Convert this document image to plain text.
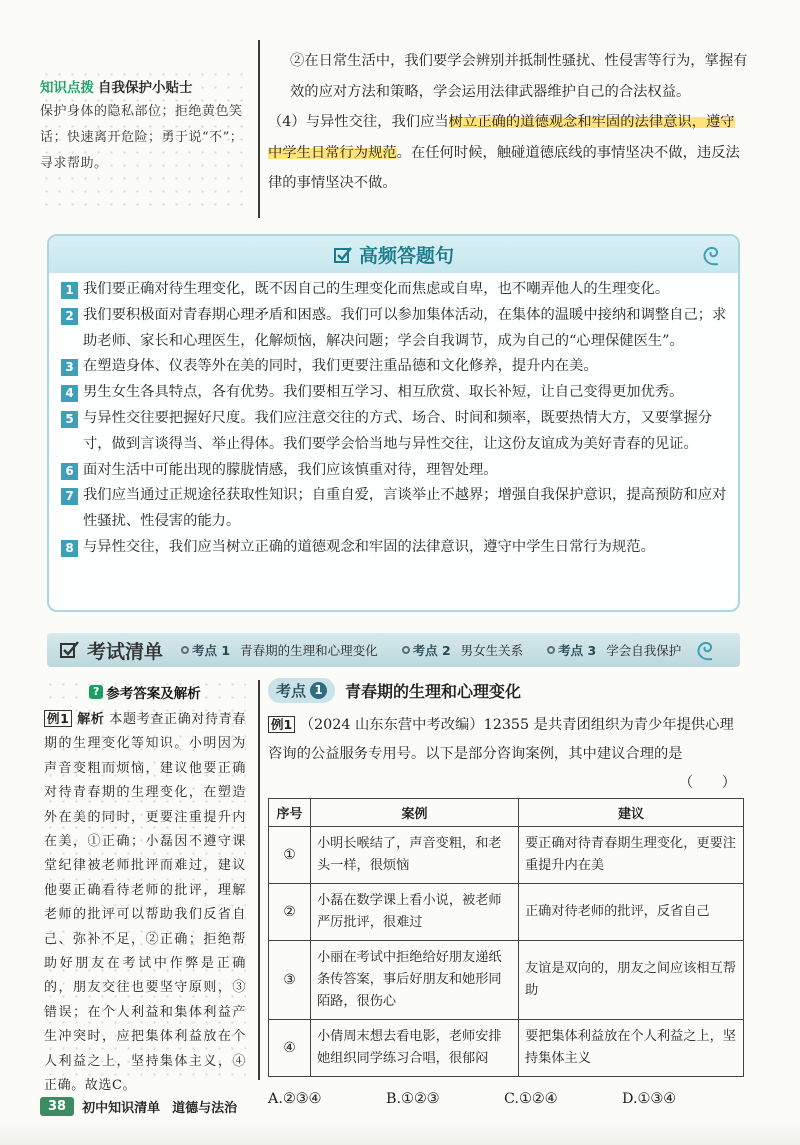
知识点拨 自我保护小贴士
保护身体的隐私部位；拒绝黄色笑话；快速离开危险；勇于说“不”；寻求帮助。

②在日常生活中，我们要学会辨别并抵制性骚扰、性侵害等行为，掌握有效的应对方法和策略，学会运用法律武器维护自己的合法权益。

（4）与异性交往，我们应当树立正确的道德观念和牢固的法律意识，遵守中学生日常行为规范。在任何时候，触碰道德底线的事情坚决不做，违反法律的事情坚决不做。

高频答题句
1 我们要正确对待生理变化，既不因自己的生理变化而焦虑或自卑，也不嘲弄他人的生理变化。
2 我们要积极面对青春期心理矛盾和困惑。我们可以参加集体活动，在集体的温暖中接纳和调整自己；求助老师、家长和心理医生，化解烦恼，解决问题；学会自我调节，成为自己的“心理保健医生”。
3 在塑造身体、仪表等外在美的同时，我们更要注重品德和文化修养，提升内在美。
4 男生女生各具特点，各有优势。我们要相互学习、相互欣赏、取长补短，让自己变得更加优秀。
5 与异性交往要把握好尺度。我们应注意交往的方式、场合、时间和频率，既要热情大方，又要掌握分寸，做到言谈得当、举止得体。我们要学会恰当地与异性交往，让这份友谊成为美好青春的见证。
6 面对生活中可能出现的朦胧情感，我们应该慎重对待，理智处理。
7 我们应当通过正规途径获取性知识；自重自爱，言谈举止不越界；增强自我保护意识，提高预防和应对性骚扰、性侵害的能力。
8 与异性交往，我们应当树立正确的道德观念和牢固的法律意识，遵守中学生日常行为规范。
考试清单 考点 1 青春期的生理和心理变化	考点 2 男女生关系	考点 3 学会自我保护
? 参考答案及解析
例1 解析 本题考查正确对待青春期的生理变化等知识。小明因为声音变粗而烦恼，建议他要正确对待青春期的生理变化，在塑造外在美的同时，更要注重提升内在美，①正确；小磊因不遵守课堂纪律被老师批评而难过，建议他要正确看待老师的批评，理解老师的批评可以帮助我们反省自己、弥补不足，②正确；拒绝帮助好朋友在考试中作弊是正确的，朋友交往也要坚守原则，③错误；在个人利益和集体利益产生冲突时，应把集体利益放在个人利益之上，坚持集体主义，④正确。故选C。
考点 1 青春期的生理和心理变化
例1 （2024 山东东营中考改编）12355 是共青团组织为青少年提供心理咨询的公益服务专用号。以下是部分咨询案例，其中建议合理的是
（　　）
序号	案例	建议
①	小明长喉结了，声音变粗，和老头一样，很烦恼	要正确对待青春期生理变化，更要注重提升内在美
②	小磊在数学课上看小说，被老师严厉批评，很难过	正确对待老师的批评，反省自己
③	小丽在考试中拒绝给好朋友递纸条传答案，事后好朋友和她形同陌路，很伤心	友谊是双向的，朋友之间应该相互帮助
④	小倩周末想去看电影，老师安排她组织同学练习合唱，很郁闷	要把集体利益放在个人利益之上，坚持集体主义
A.②③④	B.①②③	C.①②④	D.①③④
38	初中知识清单 道德与法治
